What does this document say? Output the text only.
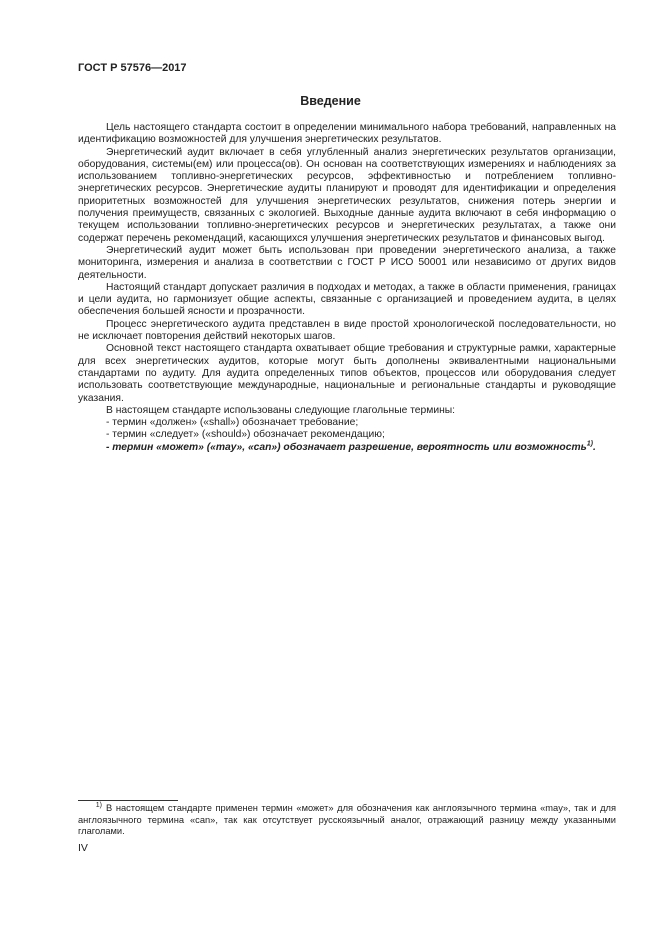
ГОСТ Р 57576—2017
Введение

Цель настоящего стандарта состоит в определении минимального набора требований, направленных на идентификацию возможностей для улучшения энергетических результатов.

Энергетический аудит включает в себя углубленный анализ энергетических результатов организации, оборудования, системы(ем) или процесса(ов). Он основан на соответствующих измерениях и наблюдениях за использованием топливно-энергетических ресурсов, эффективностью и потреблением топливно-энергетических ресурсов. Энергетические аудиты планируют и проводят для идентификации и определения приоритетных возможностей для улучшения энергетических результатов, снижения потерь энергии и получения преимуществ, связанных с экологией. Выходные данные аудита включают в себя информацию о текущем использовании топливно-энергетических ресурсов и энергетических результатах, а также они содержат перечень рекомендаций, касающихся улучшения энергетических результатов и финансовых выгод.

Энергетический аудит может быть использован при проведении энергетического анализа, а также мониторинга, измерения и анализа в соответствии с ГОСТ Р ИСО 50001 или независимо от других видов деятельности.

Настоящий стандарт допускает различия в подходах и методах, а также в области применения, границах и цели аудита, но гармонизует общие аспекты, связанные с организацией и проведением аудита, в целях обеспечения большей ясности и прозрачности.

Процесс энергетического аудита представлен в виде простой хронологической последовательности, но не исключает повторения действий некоторых шагов.

Основной текст настоящего стандарта охватывает общие требования и структурные рамки, характерные для всех энергетических аудитов, которые могут быть дополнены эквивалентными национальными стандартами по аудиту. Для аудита определенных типов объектов, процессов или оборудования следует использовать соответствующие международные, национальные и региональные стандарты и руководящие указания.

В настоящем стандарте использованы следующие глагольные термины:

- термин «должен» («shall») обозначает требование;

- термин «следует» («should») обозначает рекомендацию;

- термин «может» («may», «can») обозначает разрешение, вероятность или возможность$^{1)}$.

$^{1)}$ В настоящем стандарте применен термин «может» для обозначения как англоязычного термина «may», так и для англоязычного термина «can», так как отсутствует русскоязычный аналог, отражающий разницу между указанными глаголами.
IV
